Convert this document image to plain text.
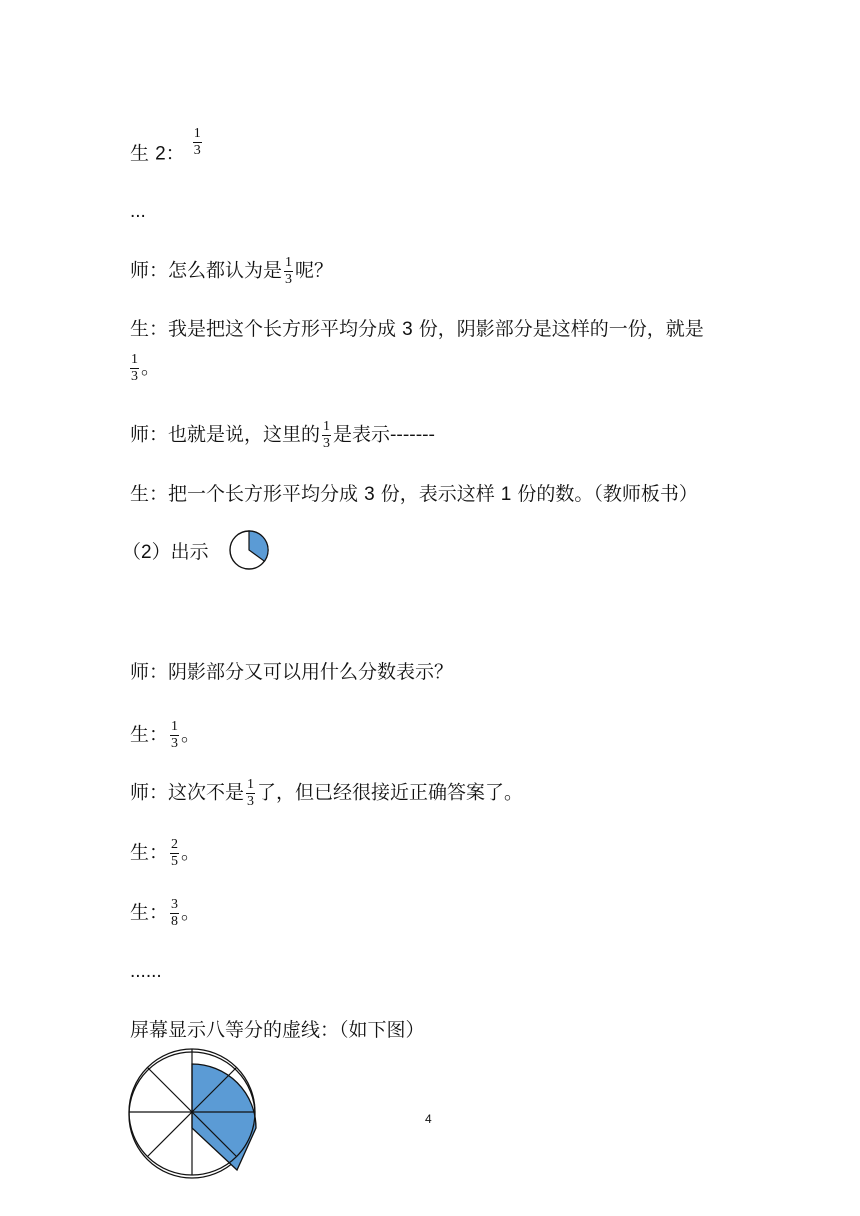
生 2： $\frac{1}{3}$
...
师：怎么都认为是 $\frac{1}{3}$ 呢？
生：我是把这个长方形平均分成 3 份，阴影部分是这样的一份，就是
$\frac{1}{3}$ 。
师：也就是说，这里的 $\frac{1}{3}$ 是表示-------
生：把一个长方形平均分成 3 份，表示这样 1 份的数。（教师板书）
（2）出示
师：阴影部分又可以用什么分数表示？
生： $\frac{1}{3}$ 。
师：这次不是 $\frac{1}{3}$ 了，但已经很接近正确答案了。
生： $\frac{2}{5}$ 。
生： $\frac{3}{8}$ 。
......
屏幕显示八等分的虚线：（如下图）
4
